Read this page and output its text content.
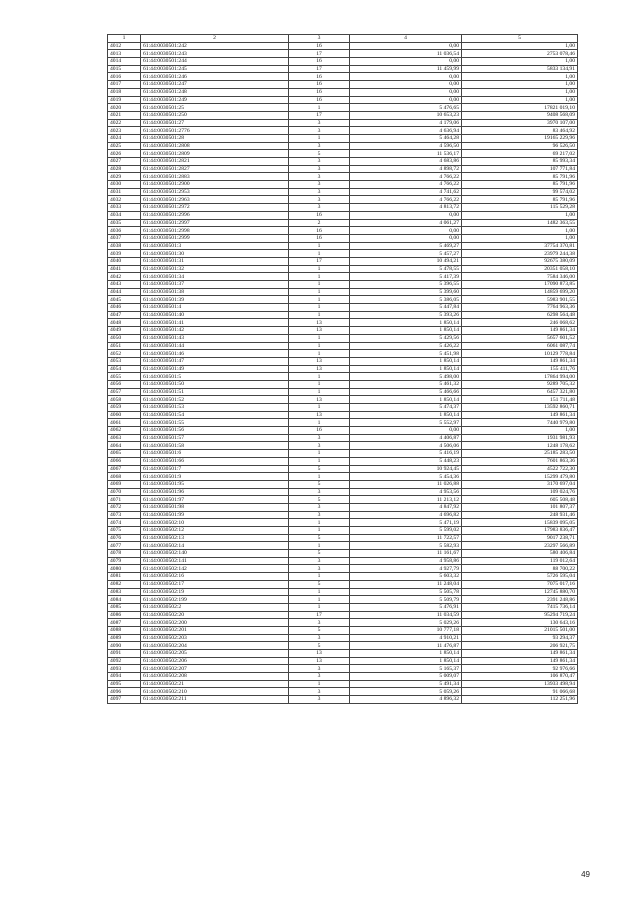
1	2	3	4	5
4012	61:44:0030501:242	16	0,00	1,00
4013	61:44:0030501:243	17	11 036,54	2753 078,46
4014	61:44:0030501:244	16	0,00	1,00
4015	61:44:0030501:245	17	11 459,99	5833 134,91
4016	61:44:0030501:246	16	0,00	1,00
4017	61:44:0030501:247	16	0,00	1,00
4018	61:44:0030501:248	16	0,00	1,00
4019	61:44:0030501:249	16	0,00	1,00
4020	61:44:0030501:25	1	5 476,65	17821 019,10
4021	61:44:0030501:250	17	10 653,23	9408 568,09
4022	61:44:0030501:27	3	4 179,06	3970 107,00
4023	61:44:0030501:2776	3	4 636,94	83 464,92
4024	61:44:0030501:28	1	5 464,28	19165 229,96
4025	61:44:0030501:2808	3	4 596,50	96 526,50
4026	61:44:0030501:2809	5	11 536,17	69 217,02
4027	61:44:0030501:2821	3	4 683,86	85 993,34
4028	61:44:0030501:2827	3	4 898,72	107 771,84
4029	61:44:0030501:2883	3	4 766,22	85 791,96
4030	61:44:0030501:2900	3	4 766,22	85 791,96
4031	61:44:0030501:2953	3	4 741,62	99 574,02
4032	61:44:0030501:2963	3	4 766,22	85 791,96
4033	61:44:0030501:2972	3	4 813,72	115 529,28
4034	61:44:0030501:2996	16	0,00	1,00
4035	61:44:0030501:2997	2	4 061,27	1482 363,55
4036	61:44:0030501:2998	16	0,00	1,00
4037	61:44:0030501:2999	16	0,00	1,00
4038	61:44:0030501:3	1	5 469,27	37754 370,81
4039	61:44:0030501:30	1	5 457,27	23979 244,38
4040	61:44:0030501:31	17	10 494,21	92675 380,09
4041	61:44:0030501:32	1	5 478,55	20351 058,10
4042	61:44:0030501:34	1	5 417,39	7584 346,00
4043	61:44:0030501:37	1	5 396,55	17090 873,85
4044	61:44:0030501:38	1	5 399,60	14859 699,20
4045	61:44:0030501:39	1	5 386,05	5983 901,55
4046	61:44:0030501:4	1	5 447,84	7764 963,36
4047	61:44:0030501:40	1	5 393,26	6298 564,48
4048	61:44:0030501:41	13	1 850,14	246 068,62
4049	61:44:0030501:42	13	1 850,14	149 861,34
4050	61:44:0030501:43	1	5 429,56	5657 601,52
4051	61:44:0030501:44	1	5 426,22	6061 087,74
4052	61:44:0030501:46	1	5 451,98	10129 778,84
4053	61:44:0030501:47	13	1 850,14	149 861,34
4054	61:44:0030501:49	13	1 850,14	155 411,76
4055	61:44:0030501:5	1	5 498,00	17864 994,00
4056	61:44:0030501:50	1	5 461,32	9289 705,32
4057	61:44:0030501:51	1	5 466,66	6457 321,80
4058	61:44:0030501:52	13	1 850,14	151 711,48
4059	61:44:0030501:53	1	5 474,37	13592 860,71
4060	61:44:0030501:54	13	1 850,14	149 861,34
4061	61:44:0030501:55	1	5 552,97	7440 979,80
4062	61:44:0030501:56	16	0,00	1,00
4063	61:44:0030501:57	3	4 406,87	1931 981,93
4064	61:44:0030501:58	3	4 506,06	1248 178,62
4065	61:44:0030501:6	1	5 416,19	25185 283,50
4066	61:44:0030501:66	1	5 448,23	7601 863,36
4067	61:44:0030501:7	5	10 924,45	4522 722,30
4068	61:44:0030501:9	1	5 454,36	15299 479,80
4069	61:44:0030501:95	5	11 026,88	3170 697,04
4070	61:44:0030501:96	3	4 953,56	109 024,76
4071	61:44:0030501:97	5	11 213,12	605 508,48
4072	61:44:0030501:98	3	4 847,92	101 807,37
4073	61:44:0030501:99	3	4 696,82	248 931,46
4074	61:44:0030502:10	1	5 471,19	15839 095,05
4075	61:44:0030502:12	1	5 599,02	17983 836,47
4076	61:44:0030502:13	5	11 722,57	9017 238,71
4077	61:44:0030502:14	1	5 582,93	23297 566,89
4078	61:44:0030502:140	5	11 161,67	580 406,84
4079	61:44:0030502:141	3	4 958,86	119 012,64
4080	61:44:0030502:142	3	4 927,79	88 700,22
4081	61:44:0030502:16	1	5 603,32	5726 595,04
4082	61:44:0030502:17	5	11 248,04	7075 017,16
4083	61:44:0030502:19	1	5 505,78	12745 880,70
4084	61:44:0030502:199	1	5 509,79	2391 248,86
4085	61:44:0030502:2	1	5 476,91	7415 736,14
4086	61:44:0030502:20	17	11 034,59	95294 719,24
4087	61:44:0030502:200	3	5 029,26	130 643,16
4088	61:44:0030502:201	5	10 777,18	21015 501,00
4089	61:44:0030502:203	3	4 910,21	93 294,37
4090	61:44:0030502:204	5	11 476,87	206 921,75
4091	61:44:0030502:205	13	1 850,14	149 861,34
4092	61:44:0030502:206	13	1 850,14	149 861,34
4093	61:44:0030502:207	3	5 165,37	92 976,66
4094	61:44:0030502:208	3	5 009,07	106 870,47
4095	61:44:0030502:21	1	5 491,34	13933 498,94
4096	61:44:0030502:210	3	5 059,26	91 066,68
4097	61:44:0030502:211	3	4 896,32	112 251,96
49
